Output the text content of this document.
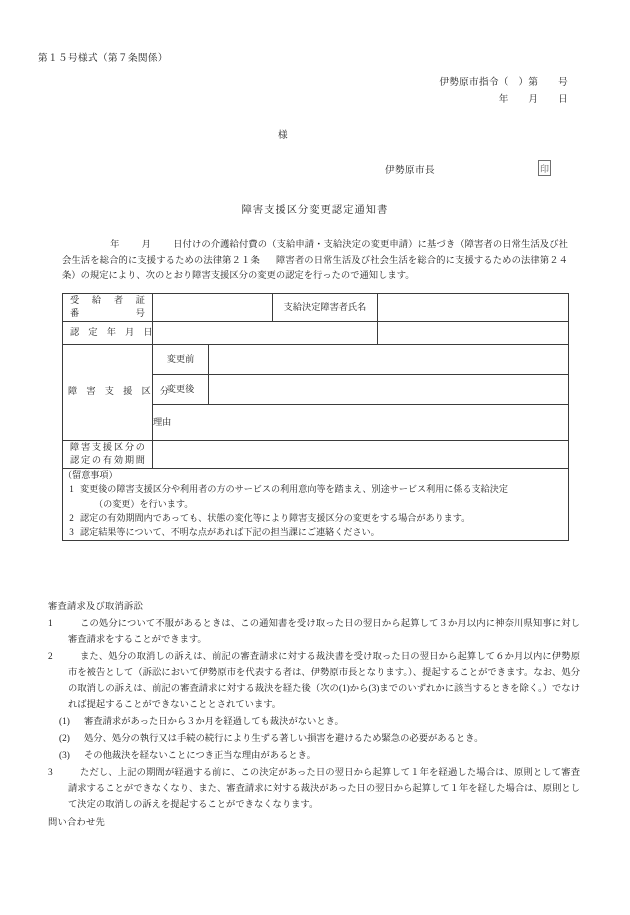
第１５号様式（第７条関係）
伊勢原市指令（　）第　　号
年　　月　　日
様
伊勢原市長	印
障害支援区分変更認定通知書
年 月 日付けの介護給付費の（支給申請・支給決定の変更申請）に基づき（障害者の日常生活及び社会生活を総合的に支援するための法律第２１条 障害者の日常生活及び社会生活を総合的に支援するための法律第２４条）の規定により、次のとおり障害支援区分の変更の認定を行ったので通知します。
受　給　者　証
番　　　　　号			支給決定障害者氏名	

認　定　年　月　日				

障　害　支　援　区　分	変更前			
	変更後			
	理由			

障害支援区分の
認定の有効期間				

（留意事項）
1 変更後の障害支援区分や利用者の方のサービスの利用意向等を踏まえ、別途サービス利用に係る支給決定
（の変更）を行います。
2 認定の有効期間内であっても、状態の変化等により障害支援区分の変更をする場合があります。
3 認定結果等について、不明な点があれば下記の担当課にご連絡ください。
審査請求及び取消訴訟
1	この処分について不服があるときは、この通知書を受け取った日の翌日から起算して３か月以内に神奈川県知事に対し審査請求をすることができます。
2	また、処分の取消しの訴えは、前記の審査請求に対する裁決書を受け取った日の翌日から起算して６か月以内に伊勢原市を被告として（訴訟において伊勢原市を代表する者は、伊勢原市長となります。）、提起することができます。なお、処分の取消しの訴えは、前記の審査請求に対する裁決を経た後（次の(1)から(3)までのいずれかに該当するときを除く。）でなければ提起することができないこととされています。
(1)	審査請求があった日から３か月を経過しても裁決がないとき。
(2)	処分、処分の執行又は手続の続行により生ずる著しい損害を避けるため緊急の必要があるとき。
(3)	その他裁決を経ないことにつき正当な理由があるとき。
3	ただし、上記の期間が経過する前に、この決定があった日の翌日から起算して１年を経過した場合は、原則として審査請求することができなくなり、また、審査請求に対する裁決があった日の翌日から起算して１年を経した場合は、原則として決定の取消しの訴えを提起することができなくなります。
問い合わせ先
